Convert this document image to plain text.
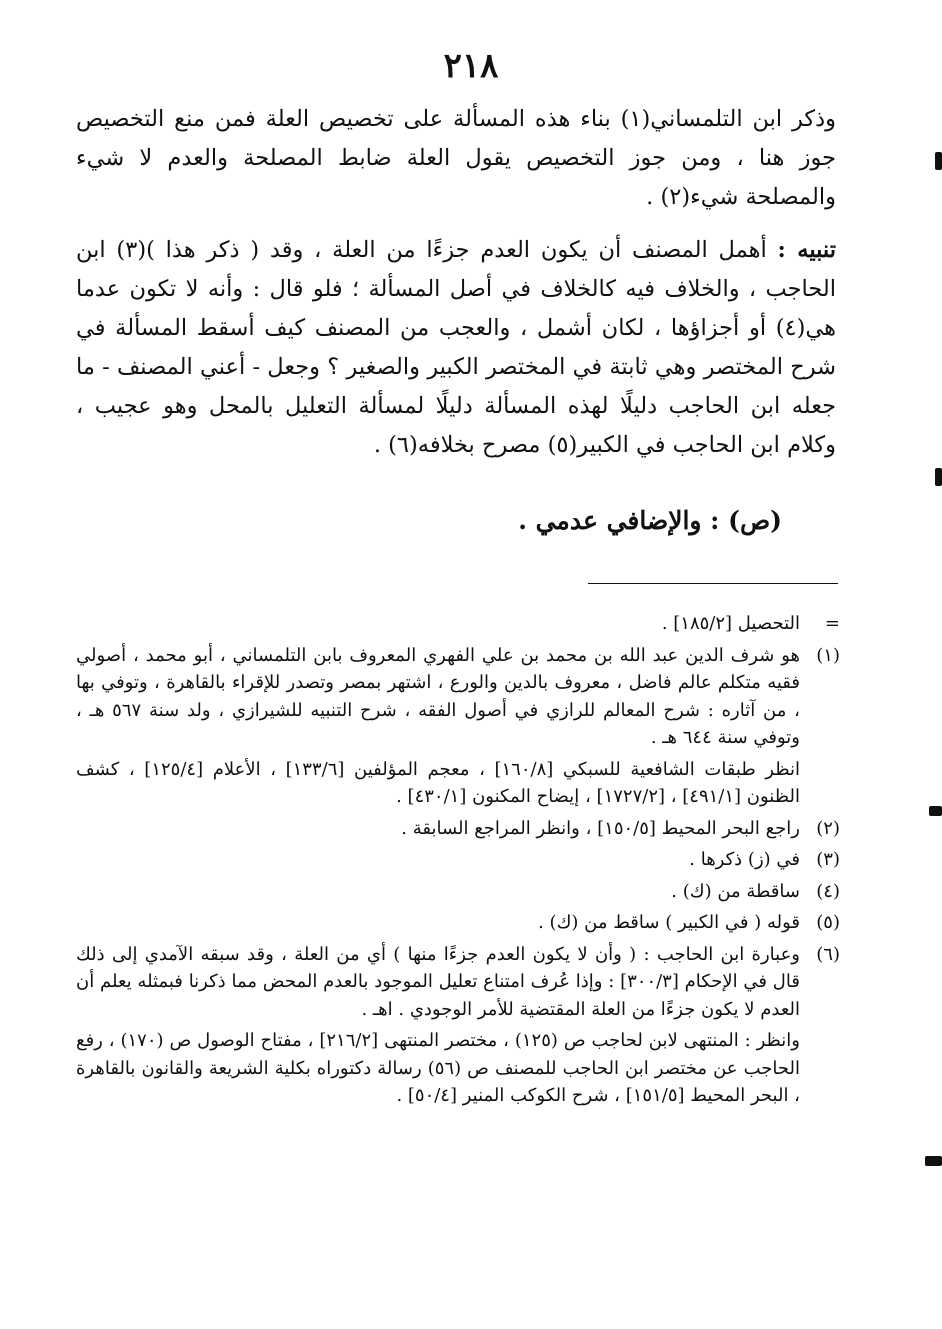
٢١٨

وذكر ابن التلمساني(١) بناء هذه المسألة على تخصيص العلة فمن منع التخصيص جوز هنا ، ومن جوز التخصيص يقول العلة ضابط المصلحة والعدم لا شيء والمصلحة شيء(٢) .

تنبيه : أهمل المصنف أن يكون العدم جزءًا من العلة ، وقد ( ذكر هذا )(٣) ابن الحاجب ، والخلاف فيه كالخلاف في أصل المسألة ؛ فلو قال : وأنه لا تكون عدما هي(٤) أو أجزاؤها ، لكان أشمل ، والعجب من المصنف كيف أسقط المسألة في شرح المختصر وهي ثابتة في المختصر الكبير والصغير ؟ وجعل - أعني المصنف - ما جعله ابن الحاجب دليلًا لهذه المسألة دليلًا لمسألة التعليل بالمحل وهو عجيب ، وكلام ابن الحاجب في الكبير(٥) مصرح بخلافه(٦) .

(ص) : والإضافي عدمي .
=
التحصيل [١٨٥/٢] .
(١)
هو شرف الدين عبد الله بن محمد بن علي الفهري المعروف بابن التلمساني ، أبو محمد ، أصولي فقيه متكلم عالم فاضل ، معروف بالدين والورع ، اشتهر بمصر وتصدر للإقراء بالقاهرة ، وتوفي بها ، من آثاره : شرح المعالم للرازي في أصول الفقه ، شرح التنبيه للشيرازي ، ولد سنة ٥٦٧ هـ ، وتوفي سنة ٦٤٤ هـ .
انظر طبقات الشافعية للسبكي [١٦٠/٨] ، معجم المؤلفين [١٣٣/٦] ، الأعلام [١٢٥/٤] ، كشف الظنون [٤٩١/١] ، [١٧٢٧/٢] ، إيضاح المكنون [٤٣٠/١] .
(٢)
راجع البحر المحيط [١٥٠/٥] ، وانظر المراجع السابقة .
(٣)
في (ز) ذكرها .
(٤)
ساقطة من (ك) .
(٥)
قوله ( في الكبير ) ساقط من (ك) .
(٦)
وعبارة ابن الحاجب : ( وأن لا يكون العدم جزءًا منها ) أي من العلة ، وقد سبقه الآمدي إلى ذلك قال في الإحكام [٣٠٠/٣] : وإذا عُرف امتناع تعليل الموجود بالعدم المحض مما ذكرنا فبمثله يعلم أن العدم لا يكون جزءًا من العلة المقتضية للأمر الوجودي . اهـ .
وانظر : المنتهى لابن لحاجب ص (١٢٥) ، مختصر المنتهى [٢١٦/٢] ، مفتاح الوصول ص (١٧٠) ، رفع الحاجب عن مختصر ابن الحاجب للمصنف ص (٥٦) رسالة دكتوراه بكلية الشريعة والقانون بالقاهرة ، البحر المحيط [١٥١/٥] ، شرح الكوكب المنير [٥٠/٤] .
